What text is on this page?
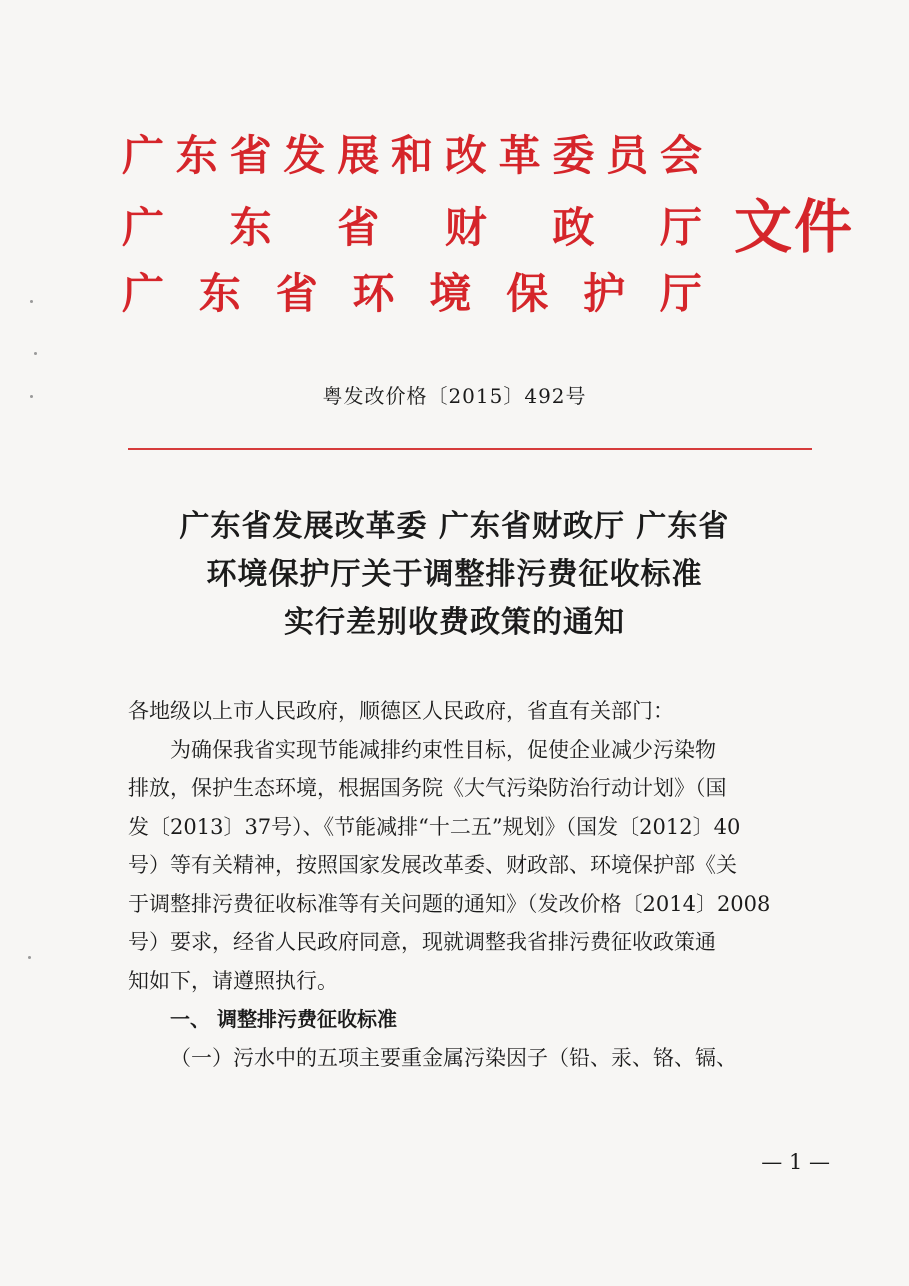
广 东 省 发 展 和 改 革 委 员 会
广 东 省 财 政 厅
广 东 省 环 境 保 护 厅
文件
粤发改价格〔2015〕492号
广东省发展改革委 广东省财政厅 广东省
环境保护厅关于调整排污费征收标准
实行差别收费政策的通知

各地级以上市人民政府，顺德区人民政府，省直有关部门：

为确保我省实现节能减排约束性目标，促使企业减少污染物

排放，保护生态环境，根据国务院《大气污染防治行动计划》（国

发〔2013〕37号）、《节能减排“十二五”规划》（国发〔2012〕40

号）等有关精神，按照国家发展改革委、财政部、环境保护部《关

于调整排污费征收标准等有关问题的通知》（发改价格〔2014〕2008

号）要求，经省人民政府同意，现就调整我省排污费征收政策通

知如下，请遵照执行。

一、 调整排污费征收标准

（一）污水中的五项主要重金属污染因子（铅、汞、铬、镉、

— 1 —
